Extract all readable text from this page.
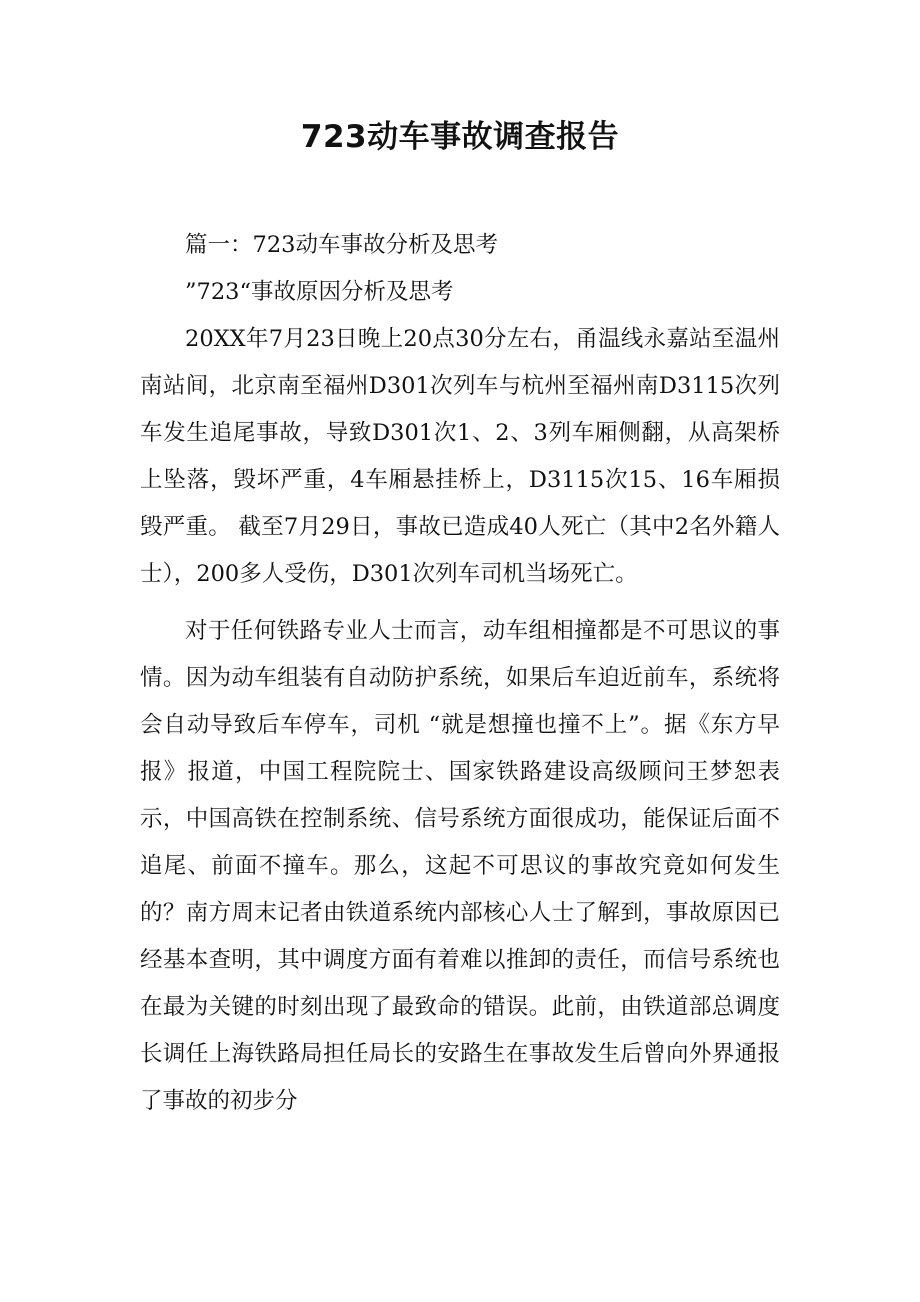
723动车事故调查报告

篇一：723动车事故分析及思考

”723“事故原因分析及思考

20XX年7月23日晚上20点30分左右，甬温线永嘉站至温州南站间，北京南至福州D301次列车与杭州至福州南D3115次列车发生追尾事故，导致D301次1、2、3列车厢侧翻，从高架桥上坠落，毁坏严重，4车厢悬挂桥上，D3115次15、16车厢损毁严重。 截至7月29日，事故已造成40人死亡（其中2名外籍人士），200多人受伤，D301次列车司机当场死亡。

对于任何铁路专业人士而言，动车组相撞都是不可思议的事情。因为动车组装有自动防护系统，如果后车迫近前车，系统将会自动导致后车停车，司机 “就是想撞也撞不上”。据《东方早报》报道，中国工程院院士、国家铁路建设高级顾问王梦恕表示，中国高铁在控制系统、信号系统方面很成功，能保证后面不追尾、前面不撞车。那么，这起不可思议的事故究竟如何发生的？南方周末记者由铁道系统内部核心人士了解到，事故原因已经基本查明，其中调度方面有着难以推卸的责任，而信号系统也在最为关键的时刻出现了最致命的错误。此前，由铁道部总调度长调任上海铁路局担任局长的安路生在事故发生后曾向外界通报了事故的初步分
